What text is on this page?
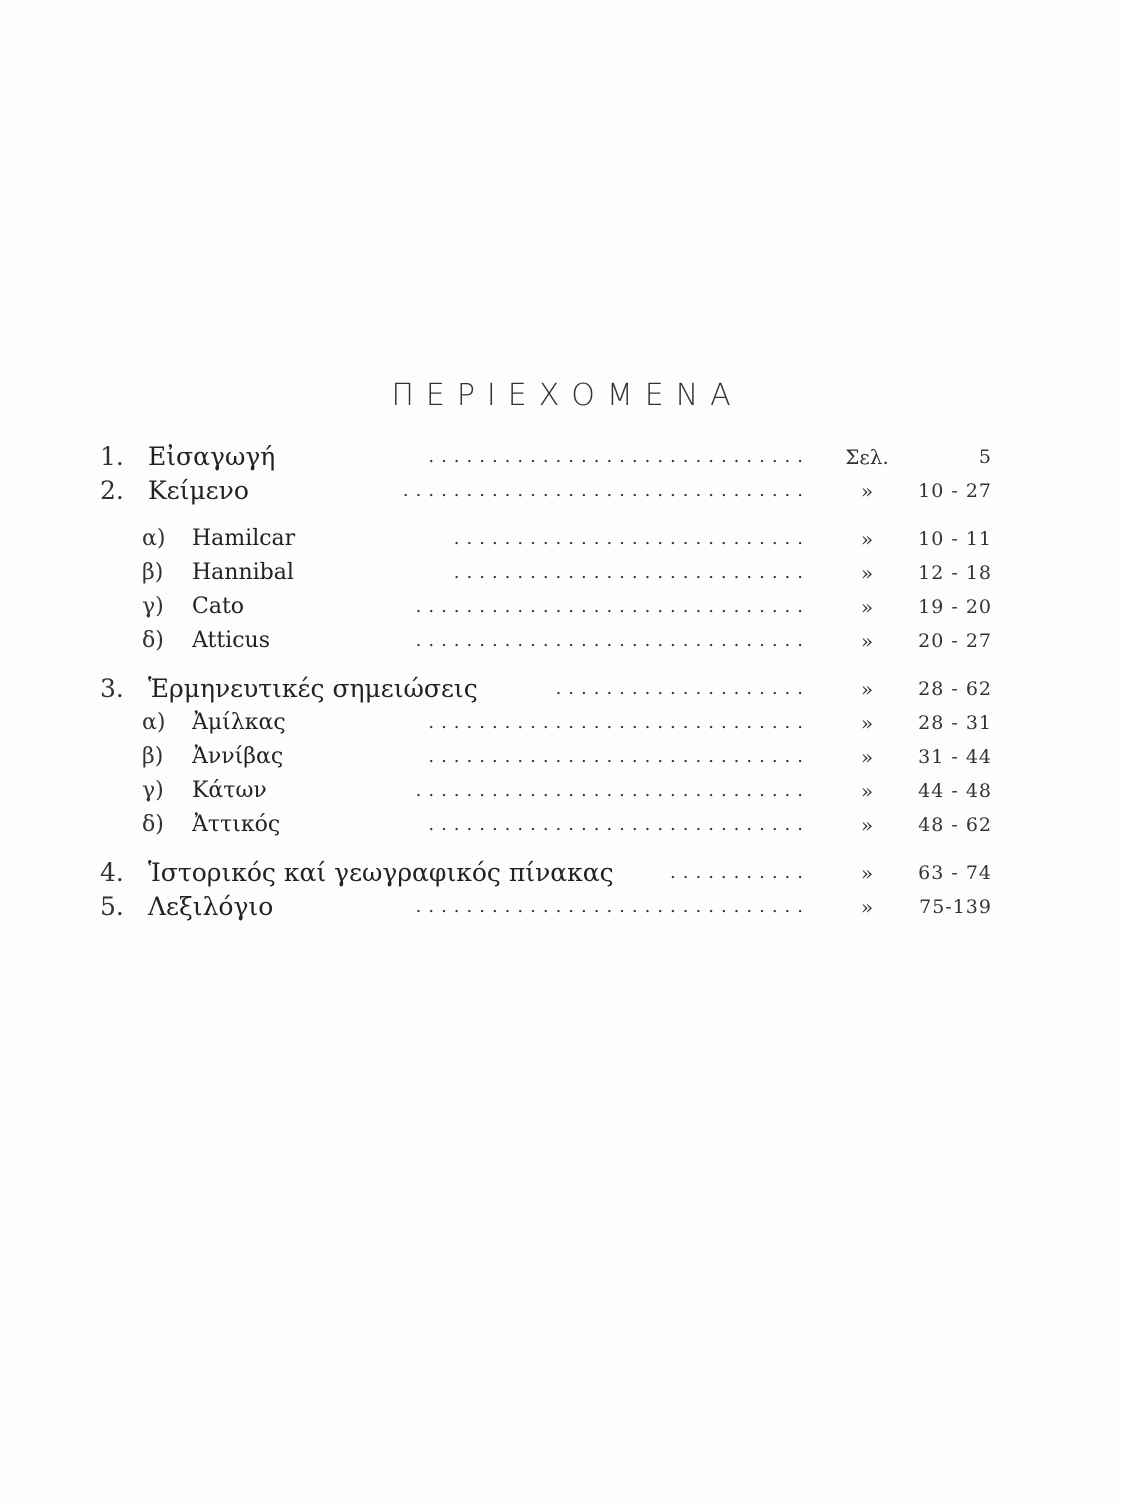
ΠΕΡΙΕΧΟΜΕΝΑ
1. Εἰσαγωγή	..............................	Σελ.	5
2. Κείμενο	................................	»	10 - 27
α)	Hamilcar	............................	»	10 - 11
β)	Hannibal	............................	»	12 - 18
γ)	Cato	...............................	»	19 - 20
δ)	Atticus	...............................	»	20 - 27
3. Ἑρμηνευτικές σημειώσεις	....................	»	28 - 62
α)	Ἀμίλκας	..............................	»	28 - 31
β)	Ἀννίβας	..............................	»	31 - 44
γ)	Κάτων	...............................	»	44 - 48
δ)	Ἀττικός	..............................	»	48 - 62
4. Ἱστορικός καί γεωγραφικός πίνακας	...........	»	63 - 74
5. Λεξιλόγιο	...............................	»	75-139
